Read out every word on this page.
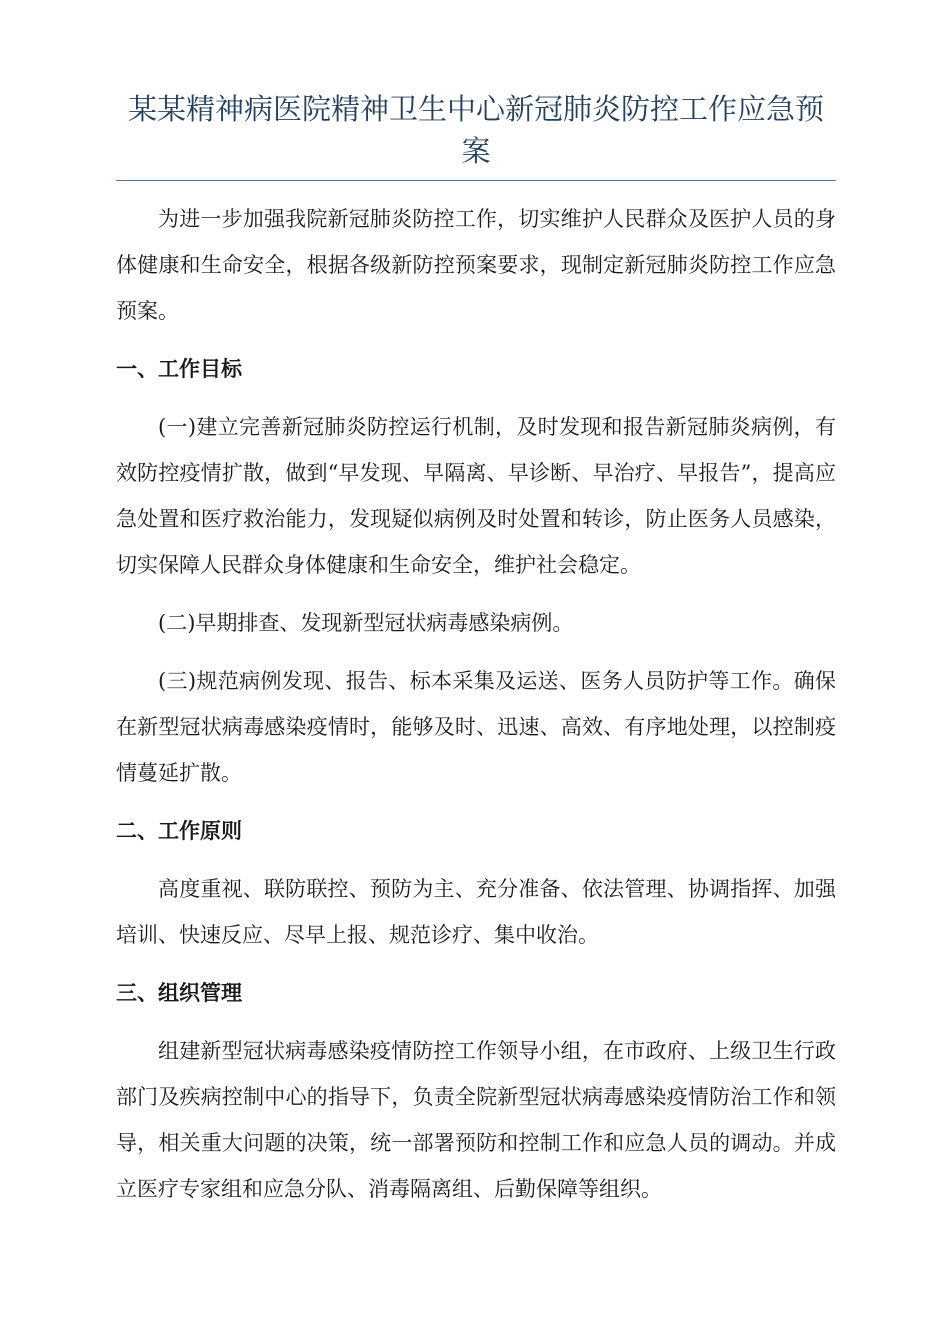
某某精神病医院精神卫生中心新冠肺炎防控工作应急预案

为进一步加强我院新冠肺炎防控工作，切实维护人民群众及医护人员的身体健康和生命安全，根据各级新防控预案要求，现制定新冠肺炎防控工作应急预案。

一、工作目标

(一)建立完善新冠肺炎防控运行机制，及时发现和报告新冠肺炎病例，有效防控疫情扩散，做到“早发现、早隔离、早诊断、早治疗、早报告”，提高应急处置和医疗救治能力，发现疑似病例及时处置和转诊，防止医务人员感染，切实保障人民群众身体健康和生命安全，维护社会稳定。

(二)早期排查、发现新型冠状病毒感染病例。

(三)规范病例发现、报告、标本采集及运送、医务人员防护等工作。确保在新型冠状病毒感染疫情时，能够及时、迅速、高效、有序地处理，以控制疫情蔓延扩散。

二、工作原则

高度重视、联防联控、预防为主、充分准备、依法管理、协调指挥、加强培训、快速反应、尽早上报、规范诊疗、集中收治。

三、组织管理

组建新型冠状病毒感染疫情防控工作领导小组，在市政府、上级卫生行政部门及疾病控制中心的指导下，负责全院新型冠状病毒感染疫情防治工作和领导，相关重大问题的决策，统一部署预防和控制工作和应急人员的调动。并成立医疗专家组和应急分队、消毒隔离组、后勤保障等组织。
